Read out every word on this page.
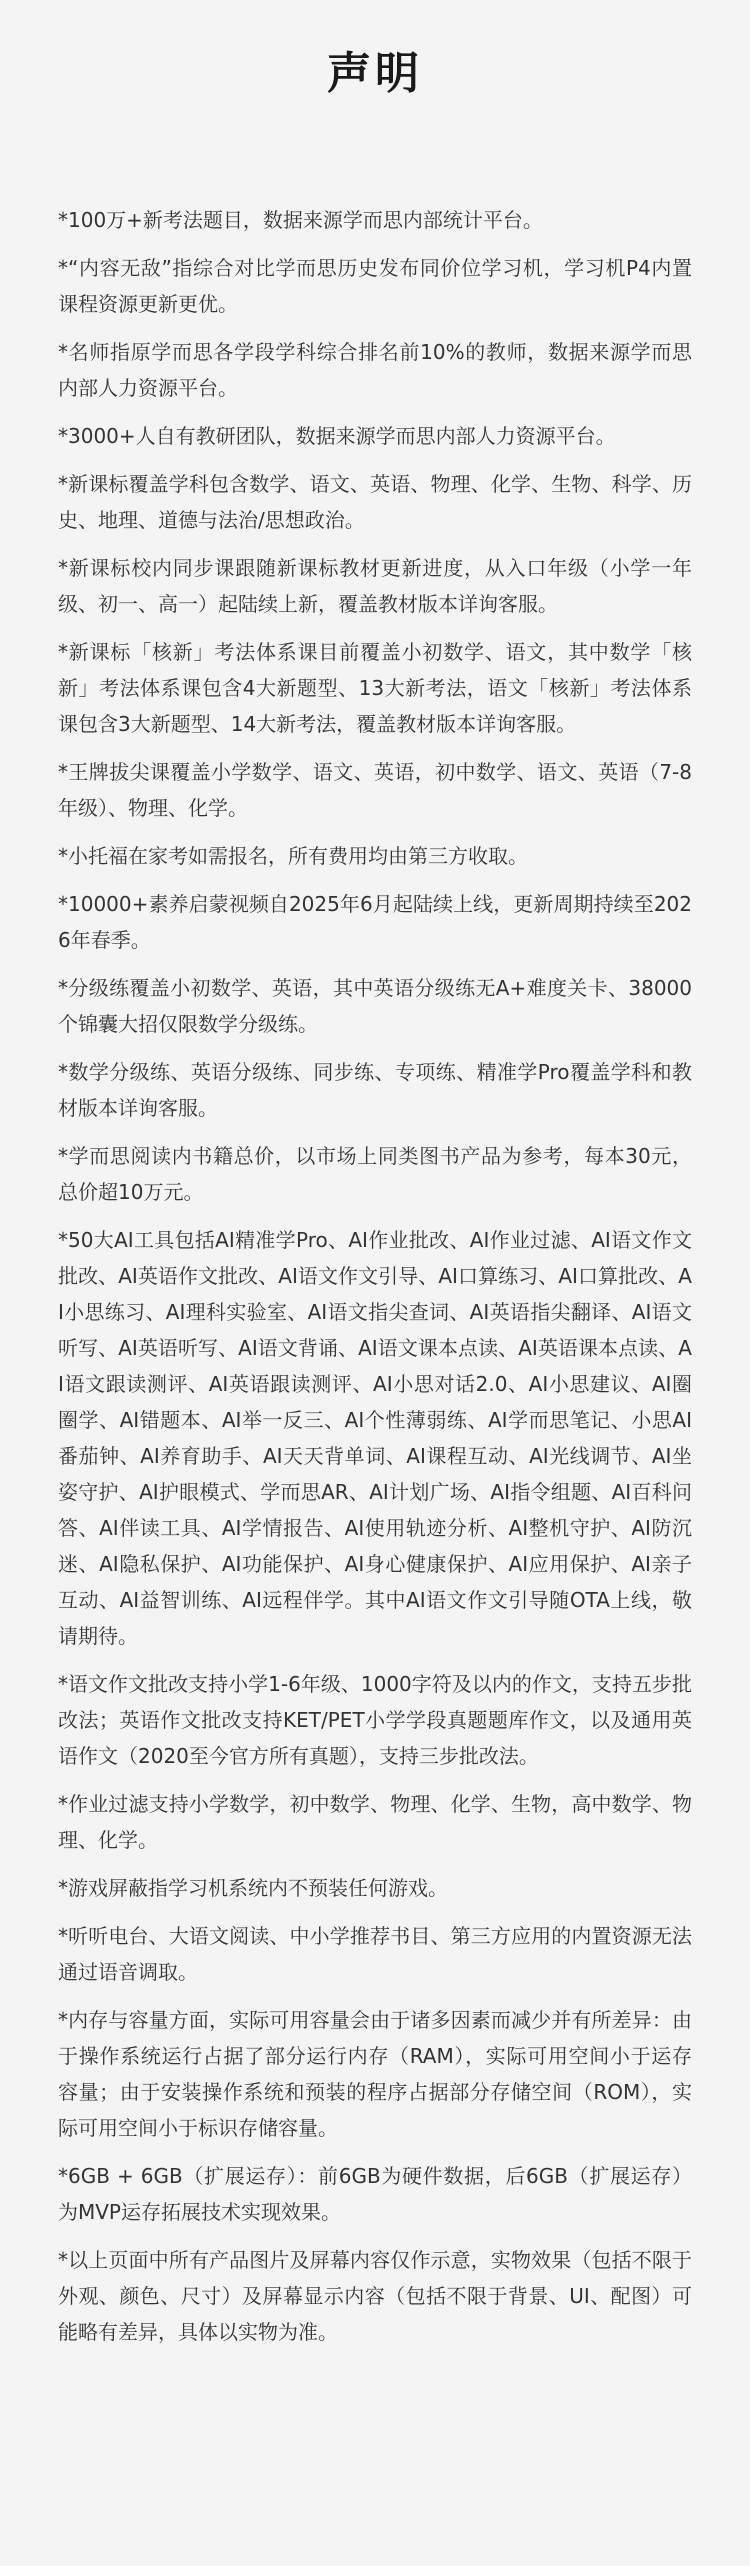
声明
*100万+新考法题目，数据来源学而思内部统计平台。
*“内容无敌”指综合对比学而思历史发布同价位学习机，学习机P4内置课程资源更新更优。
*名师指原学而思各学段学科综合排名前10%的教师，数据来源学而思内部人力资源平台。
*3000+人自有教研团队，数据来源学而思内部人力资源平台。
*新课标覆盖学科包含数学、语文、英语、物理、化学、生物、科学、历史、地理、道德与法治/思想政治。
*新课标校内同步课跟随新课标教材更新进度，从入口年级（小学一年级、初一、高一）起陆续上新，覆盖教材版本详询客服。
*新课标「核新」考法体系课目前覆盖小初数学、语文，其中数学「核新」考法体系课包含4大新题型、13大新考法，语文「核新」考法体系课包含3大新题型、14大新考法，覆盖教材版本详询客服。
*王牌拔尖课覆盖小学数学、语文、英语，初中数学、语文、英语（7-8年级）、物理、化学。
*小托福在家考如需报名，所有费用均由第三方收取。
*10000+素养启蒙视频自2025年6月起陆续上线，更新周期持续至2026年春季。
*分级练覆盖小初数学、英语，其中英语分级练无A+难度关卡、38000个锦囊大招仅限数学分级练。
*数学分级练、英语分级练、同步练、专项练、精准学Pro覆盖学科和教材版本详询客服。
*学而思阅读内书籍总价，以市场上同类图书产品为参考，每本30元，总价超10万元。
*50大AI工具包括AI精准学Pro、AI作业批改、AI作业过滤、AI语文作文批改、AI英语作文批改、AI语文作文引导、AI口算练习、AI口算批改、AI小思练习、AI理科实验室、AI语文指尖查词、AI英语指尖翻译、AI语文听写、AI英语听写、AI语文背诵、AI语文课本点读、AI英语课本点读、AI语文跟读测评、AI英语跟读测评、AI小思对话2.0、AI小思建议、AI圈圈学、AI错题本、AI举一反三、AI个性薄弱练、AI学而思笔记、小思AI番茄钟、AI养育助手、AI天天背单词、AI课程互动、AI光线调节、AI坐姿守护、AI护眼模式、学而思AR、AI计划广场、AI指令组题、AI百科问答、AI伴读工具、AI学情报告、AI使用轨迹分析、AI整机守护、AI防沉迷、AI隐私保护、AI功能保护、AI身心健康保护、AI应用保护、AI亲子互动、AI益智训练、AI远程伴学。其中AI语文作文引导随OTA上线，敬请期待。
*语文作文批改支持小学1-6年级、1000字符及以内的作文，支持五步批改法；英语作文批改支持KET/PET小学学段真题题库作文，以及通用英语作文（2020至今官方所有真题），支持三步批改法。
*作业过滤支持小学数学，初中数学、物理、化学、生物，高中数学、物理、化学。
*游戏屏蔽指学习机系统内不预装任何游戏。
*听听电台、大语文阅读、中小学推荐书目、第三方应用的内置资源无法通过语音调取。
*内存与容量方面，实际可用容量会由于诸多因素而减少并有所差异：由于操作系统运行占据了部分运行内存（RAM），实际可用空间小于运存容量；由于安装操作系统和预装的程序占据部分存储空间（ROM），实际可用空间小于标识存储容量。
*6GB + 6GB（扩展运存）：前6GB为硬件数据，后6GB（扩展运存）为MVP运存拓展技术实现效果。
*以上页面中所有产品图片及屏幕内容仅作示意，实物效果（包括不限于外观、颜色、尺寸）及屏幕显示内容（包括不限于背景、UI、配图）可能略有差异，具体以实物为准。
